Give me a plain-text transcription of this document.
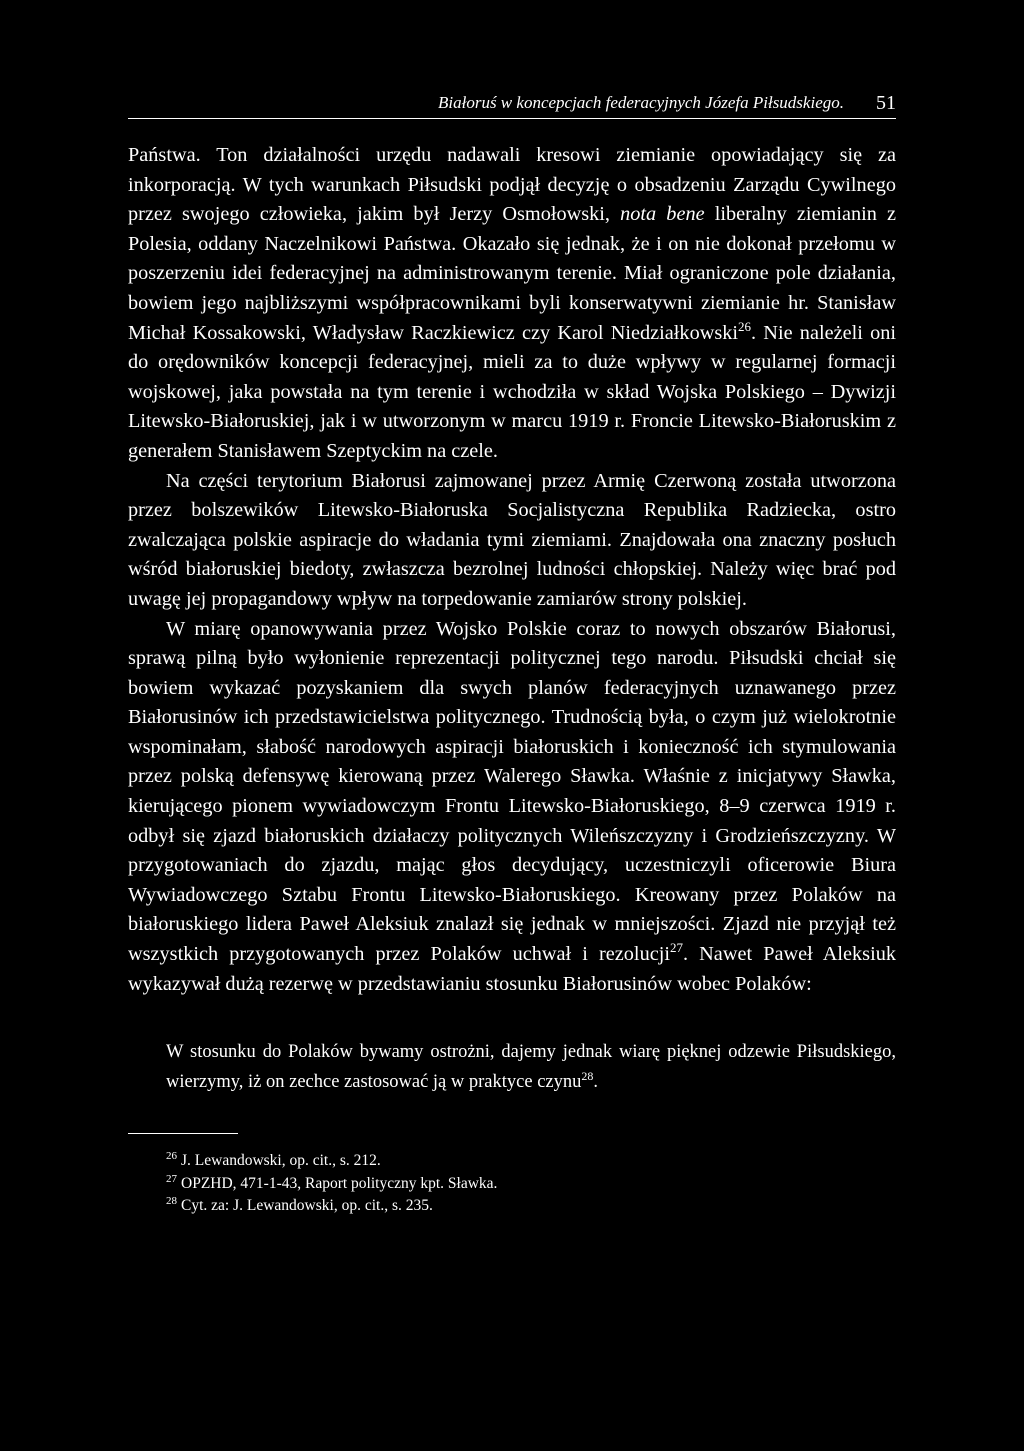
Białoruś w koncepcjach federacyjnych Józefa Piłsudskiego. 51

Państwa. Ton działalności urzędu nadawali kresowi ziemianie opowiadający się za inkorporacją. W tych warunkach Piłsudski podjął decyzję o obsadzeniu Zarządu Cywilnego przez swojego człowieka, jakim był Jerzy Osmołowski, nota bene liberalny ziemianin z Polesia, oddany Naczelnikowi Państwa. Okazało się jednak, że i on nie dokonał przełomu w poszerzeniu idei federacyjnej na administrowanym terenie. Miał ograniczone pole działania, bowiem jego najbliższymi współpracownikami byli konserwatywni ziemianie hr. Stanisław Michał Kossakowski, Władysław Raczkiewicz czy Karol Niedziałkowski$^{26}$. Nie należeli oni do orędowników koncepcji federacyjnej, mieli za to duże wpływy w regularnej formacji wojskowej, jaka powstała na tym terenie i wchodziła w skład Wojska Polskiego – Dywizji Litewsko-Białoruskiej, jak i w utworzonym w marcu 1919 r. Froncie Litewsko-Białoruskim z generałem Stanisławem Szeptyckim na czele.

Na części terytorium Białorusi zajmowanej przez Armię Czerwoną została utworzona przez bolszewików Litewsko-Białoruska Socjalistyczna Republika Radziecka, ostro zwalczająca polskie aspiracje do władania tymi ziemiami. Znajdowała ona znaczny posłuch wśród białoruskiej biedoty, zwłaszcza bezrolnej ludności chłopskiej. Należy więc brać pod uwagę jej propagandowy wpływ na torpedowanie zamiarów strony polskiej.

W miarę opanowywania przez Wojsko Polskie coraz to nowych obszarów Białorusi, sprawą pilną było wyłonienie reprezentacji politycznej tego narodu. Piłsudski chciał się bowiem wykazać pozyskaniem dla swych planów federacyjnych uznawanego przez Białorusinów ich przedstawicielstwa politycznego. Trudnością była, o czym już wielokrotnie wspominałam, słabość narodowych aspiracji białoruskich i konieczność ich stymulowania przez polską defensywę kierowaną przez Walerego Sławka. Właśnie z inicjatywy Sławka, kierującego pionem wywiadowczym Frontu Litewsko-Białoruskiego, 8–9 czerwca 1919 r. odbył się zjazd białoruskich działaczy politycznych Wileńszczyzny i Grodzieńszczyzny. W przygotowaniach do zjazdu, mając głos decydujący, uczestniczyli oficerowie Biura Wywiadowczego Sztabu Frontu Litewsko-Białoruskiego. Kreowany przez Polaków na białoruskiego lidera Paweł Aleksiuk znalazł się jednak w mniejszości. Zjazd nie przyjął też wszystkich przygotowanych przez Polaków uchwał i rezolucji$^{27}$. Nawet Paweł Aleksiuk wykazywał dużą rezerwę w przedstawianiu stosunku Białorusinów wobec Polaków:

W stosunku do Polaków bywamy ostrożni, dajemy jednak wiarę pięknej odzewie Piłsudskiego, wierzymy, iż on zechce zastosować ją w praktyce czynu$^{28}$.
$^{26}$ J. Lewandowski, op. cit., s. 212.
$^{27}$ OPZHD, 471-1-43, Raport polityczny kpt. Sławka.
$^{28}$ Cyt. za: J. Lewandowski, op. cit., s. 235.
